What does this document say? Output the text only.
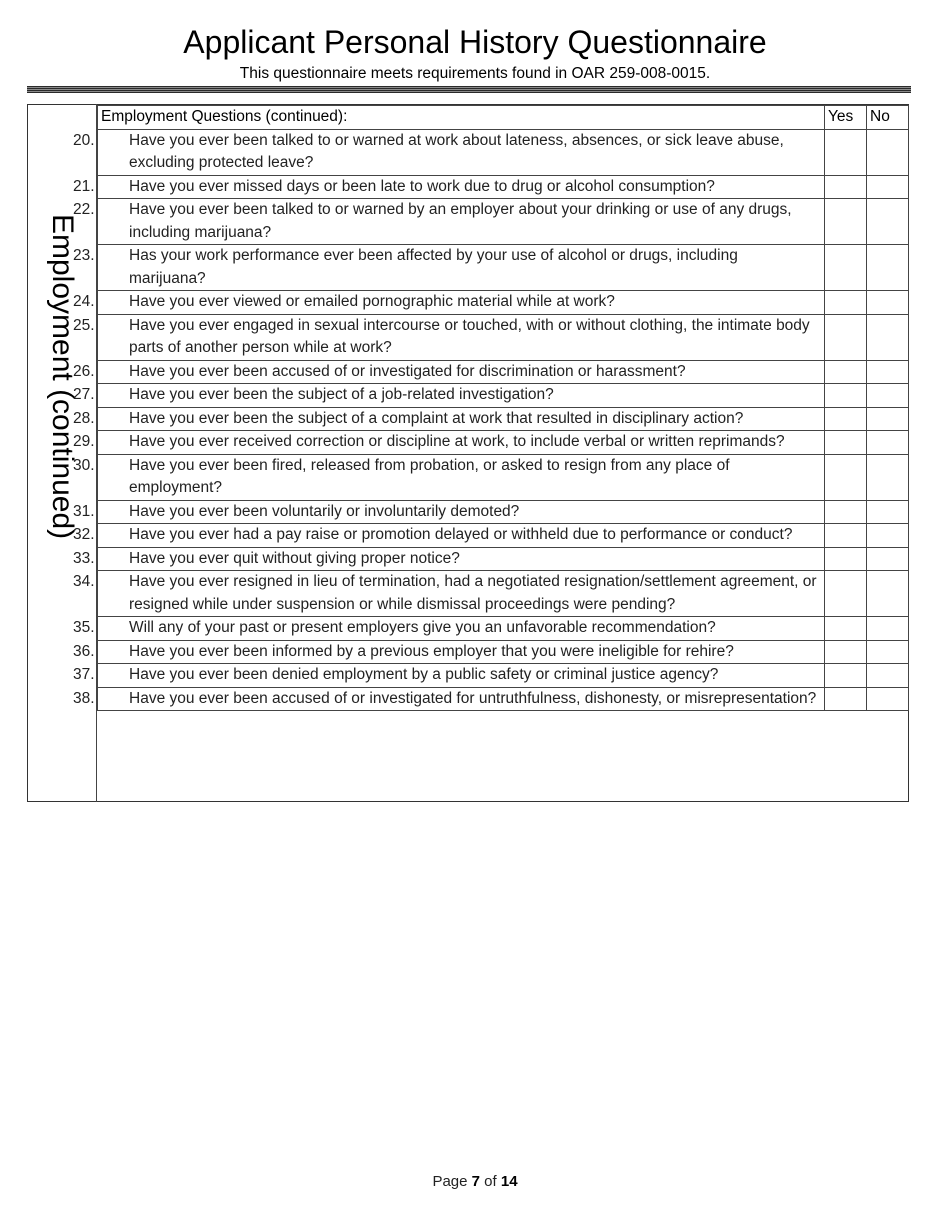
Applicant Personal History Questionnaire
This questionnaire meets requirements found in OAR 259-008-0015.
Employment (continued)
Employment Questions (continued):	Yes	No

20. Have you ever been talked to or warned at work about lateness, absences, or sick leave abuse, excluding protected leave?		

21. Have you ever missed days or been late to work due to drug or alcohol consumption?		

22. Have you ever been talked to or warned by an employer about your drinking or use of any drugs, including marijuana?		

23. Has your work performance ever been affected by your use of alcohol or drugs, including marijuana?		

24. Have you ever viewed or emailed pornographic material while at work?		

25. Have you ever engaged in sexual intercourse or touched, with or without clothing, the intimate body parts of another person while at work?		

26. Have you ever been accused of or investigated for discrimination or harassment?		

27. Have you ever been the subject of a job-related investigation?		

28. Have you ever been the subject of a complaint at work that resulted in disciplinary action?		

29. Have you ever received correction or discipline at work, to include verbal or written reprimands?		

30. Have you ever been fired, released from probation, or asked to resign from any place of employment?		

31. Have you ever been voluntarily or involuntarily demoted?		

32. Have you ever had a pay raise or promotion delayed or withheld due to performance or conduct?		

33. Have you ever quit without giving proper notice?		

34. Have you ever resigned in lieu of termination, had a negotiated resignation/settlement agreement, or resigned while under suspension or while dismissal proceedings were pending?		

35. Will any of your past or present employers give you an unfavorable recommendation?		

36. Have you ever been informed by a previous employer that you were ineligible for rehire?		

37. Have you ever been denied employment by a public safety or criminal justice agency?		

38. Have you ever been accused of or investigated for untruthfulness, dishonesty, or misrepresentation?		

Page 7 of 14
